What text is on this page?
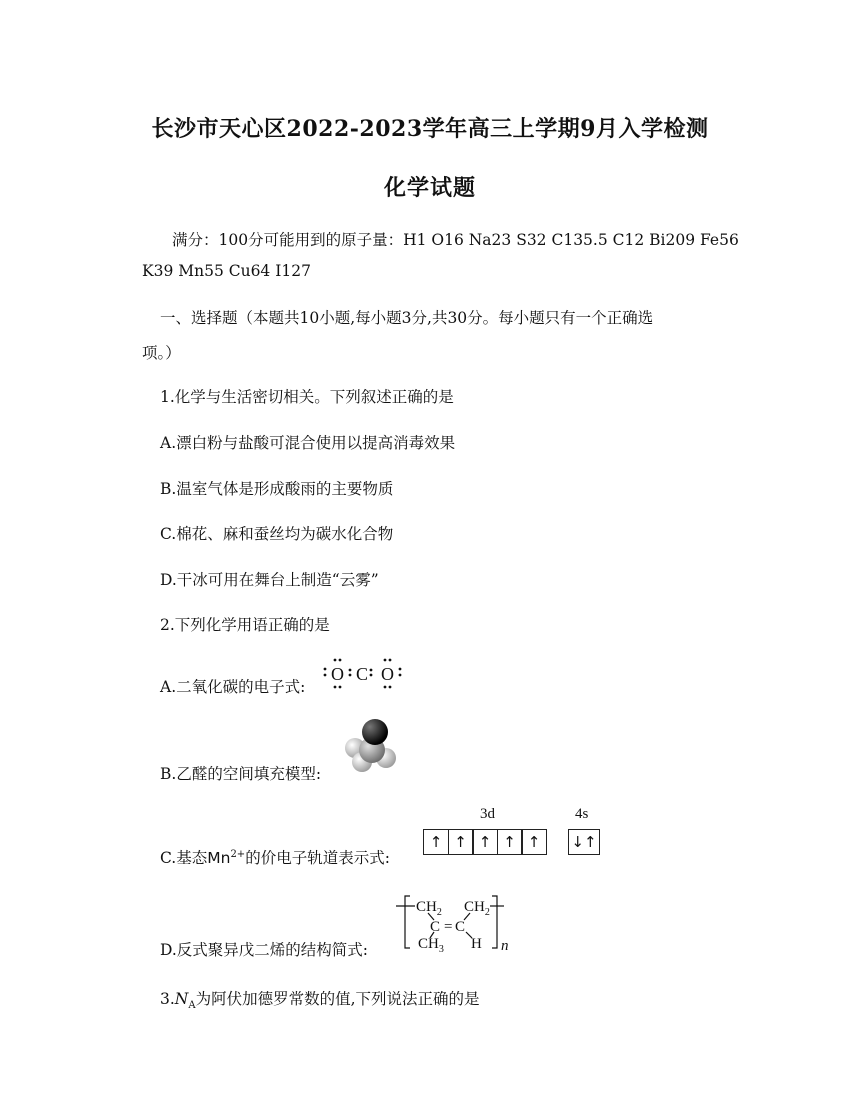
长沙市天心区2022-2023学年高三上学期9月入学检测
化学试题
满分：100分可能用到的原子量：H1 O16 Na23 S32 C135.5 C12 Bi209 Fe56
K39 Mn55 Cu64 I127
一、选择题（本题共10小题,每小题3分,共30分。每小题只有一个正确选
项。）
1.化学与生活密切相关。下列叙述正确的是
A.漂白粉与盐酸可混合使用以提高消毒效果
B.温室气体是形成酸雨的主要物质
C.棉花、麻和蚕丝均为碳水化合物
D.干冰可用在舞台上制造“云雾”
2.下列化学用语正确的是
A.二氧化碳的电子式:
O C O
B.乙醛的空间填充模型:
C.基态$Mn^{2+}$的价电子轨道表示式:
3d	4s
↑ ↑ ↑ ↑ ↑	↓↑
D.反式聚异戊二烯的结构简式:
$CH_2$ $CH_2$
C = C
$CH_3$ H n
$3.N_A$为阿伏加德罗常数的值,下列说法正确的是
